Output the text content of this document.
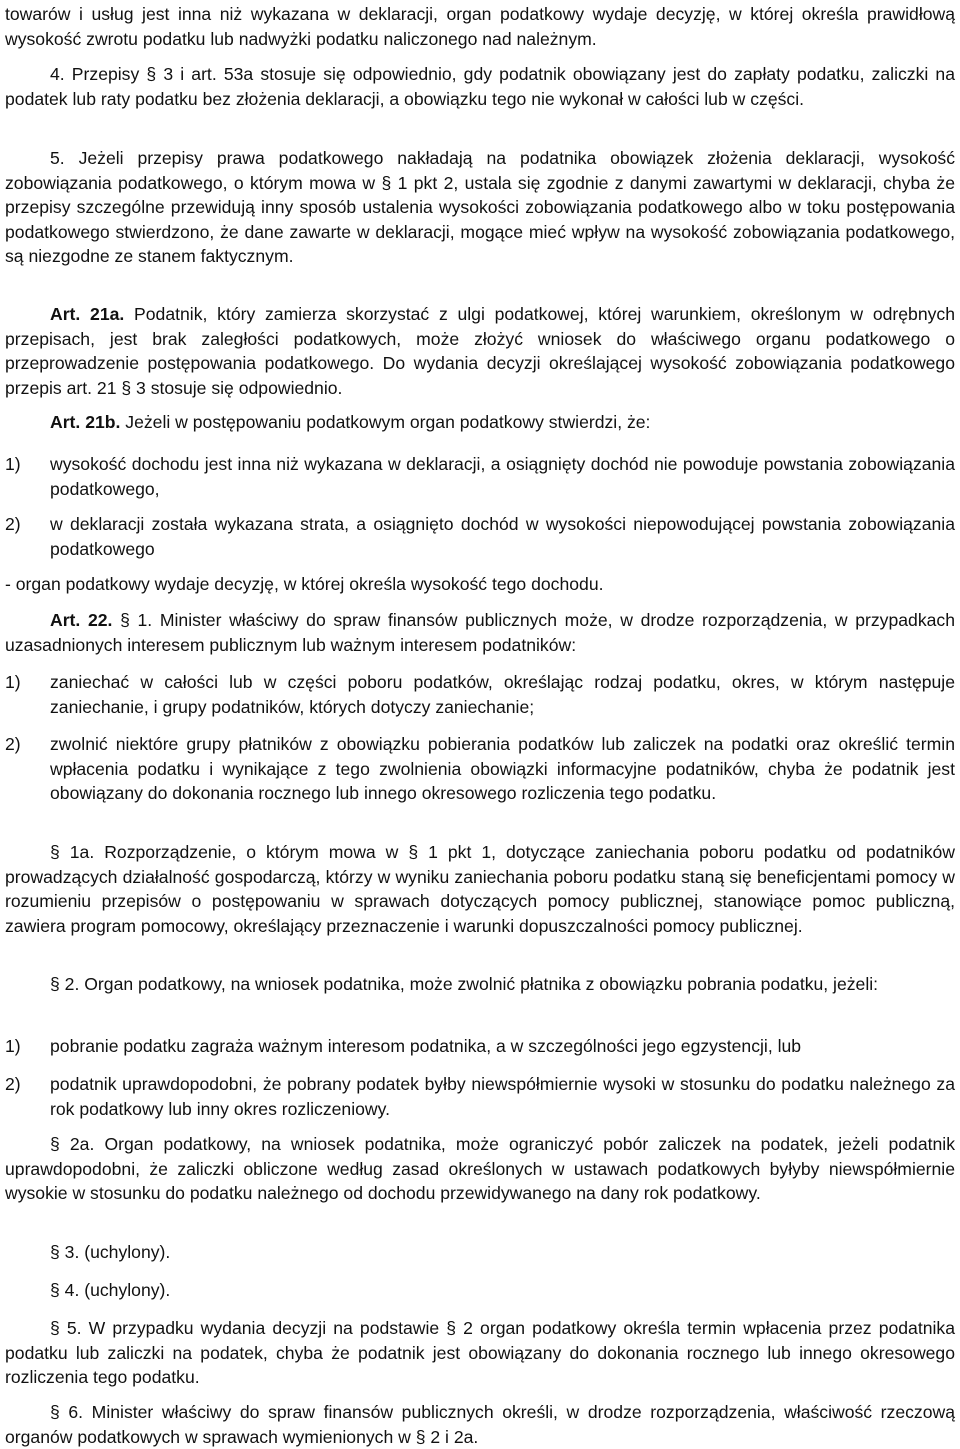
towarów i usług jest inna niż wykazana w deklaracji, organ podatkowy wydaje decyzję, w której określa prawidłową wysokość zwrotu podatku lub nadwyżki podatku naliczonego nad należnym.

4. Przepisy § 3 i art. 53a stosuje się odpowiednio, gdy podatnik obowiązany jest do zapłaty podatku, zaliczki na podatek lub raty podatku bez złożenia deklaracji, a obowiązku tego nie wykonał w całości lub w części.

5. Jeżeli przepisy prawa podatkowego nakładają na podatnika obowiązek złożenia deklaracji, wysokość zobowiązania podatkowego, o którym mowa w § 1 pkt 2, ustala się zgodnie z danymi zawartymi w deklaracji, chyba że przepisy szczególne przewidują inny sposób ustalenia wysokości zobowiązania podatkowego albo w toku postępowania podatkowego stwierdzono, że dane zawarte w deklaracji, mogące mieć wpływ na wysokość zobowiązania podatkowego, są niezgodne ze stanem faktycznym.

Art. 21a. Podatnik, który zamierza skorzystać z ulgi podatkowej, której warunkiem, określonym w odrębnych przepisach, jest brak zaległości podatkowych, może złożyć wniosek do właściwego organu podatkowego o przeprowadzenie postępowania podatkowego. Do wydania decyzji określającej wysokość zobowiązania podatkowego przepis art. 21 § 3 stosuje się odpowiednio.

Art. 21b. Jeżeli w postępowaniu podatkowym organ podatkowy stwierdzi, że:

1) wysokość dochodu jest inna niż wykazana w deklaracji, a osiągnięty dochód nie powoduje powstania zobowiązania podatkowego,
2) w deklaracji została wykazana strata, a osiągnięto dochód w wysokości niepowodującej powstania zobowiązania podatkowego

- organ podatkowy wydaje decyzję, w której określa wysokość tego dochodu.

Art. 22. § 1. Minister właściwy do spraw finansów publicznych może, w drodze rozporządzenia, w przypadkach uzasadnionych interesem publicznym lub ważnym interesem podatników:

1) zaniechać w całości lub w części poboru podatków, określając rodzaj podatku, okres, w którym następuje zaniechanie, i grupy podatników, których dotyczy zaniechanie;
2) zwolnić niektóre grupy płatników z obowiązku pobierania podatków lub zaliczek na podatki oraz określić termin wpłacenia podatku i wynikające z tego zwolnienia obowiązki informacyjne podatników, chyba że podatnik jest obowiązany do dokonania rocznego lub innego okresowego rozliczenia tego podatku.

§ 1a. Rozporządzenie, o którym mowa w § 1 pkt 1, dotyczące zaniechania poboru podatku od podatników prowadzących działalność gospodarczą, którzy w wyniku zaniechania poboru podatku staną się beneficjentami pomocy w rozumieniu przepisów o postępowaniu w sprawach dotyczących pomocy publicznej, stanowiące pomoc publiczną, zawiera program pomocowy, określający przeznaczenie i warunki dopuszczalności pomocy publicznej.

§ 2. Organ podatkowy, na wniosek podatnika, może zwolnić płatnika z obowiązku pobrania podatku, jeżeli:

1) pobranie podatku zagraża ważnym interesom podatnika, a w szczególności jego egzystencji, lub
2) podatnik uprawdopodobni, że pobrany podatek byłby niewspółmiernie wysoki w stosunku do podatku należnego za rok podatkowy lub inny okres rozliczeniowy.

§ 2a. Organ podatkowy, na wniosek podatnika, może ograniczyć pobór zaliczek na podatek, jeżeli podatnik uprawdopodobni, że zaliczki obliczone według zasad określonych w ustawach podatkowych byłyby niewspółmiernie wysokie w stosunku do podatku należnego od dochodu przewidywanego na dany rok podatkowy.

§ 3. (uchylony).

§ 4. (uchylony).

§ 5. W przypadku wydania decyzji na podstawie § 2 organ podatkowy określa termin wpłacenia przez podatnika podatku lub zaliczki na podatek, chyba że podatnik jest obowiązany do dokonania rocznego lub innego okresowego rozliczenia tego podatku.

§ 6. Minister właściwy do spraw finansów publicznych określi, w drodze rozporządzenia, właściwość rzeczową organów podatkowych w sprawach wymienionych w § 2 i 2a.
